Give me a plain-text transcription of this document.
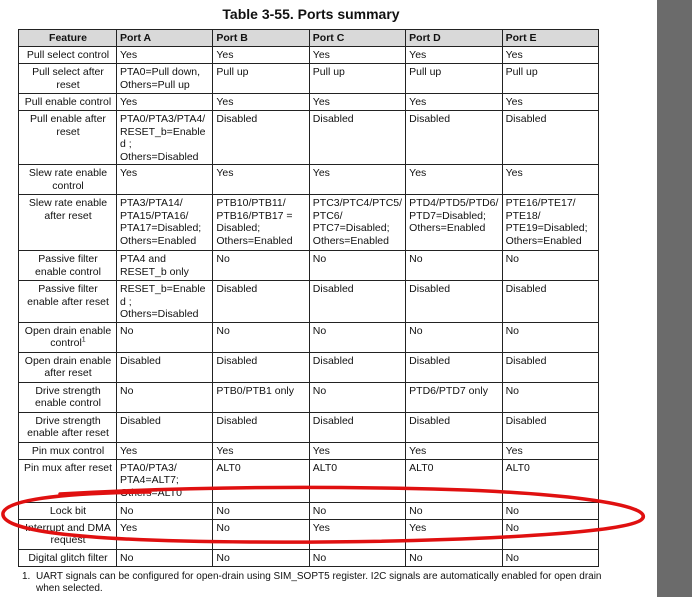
Table 3-55. Ports summary
Feature	Port A	Port B	Port C	Port D	Port E
Pull select control	Yes	Yes	Yes	Yes	Yes
Pull select after reset	PTA0=Pull down, Others=Pull up	Pull up	Pull up	Pull up	Pull up
Pull enable control	Yes	Yes	Yes	Yes	Yes
Pull enable after reset	PTA0/PTA3/PTA4/ RESET_b=Enabled ; Others=Disabled	Disabled	Disabled	Disabled	Disabled
Slew rate enable control	Yes	Yes	Yes	Yes	Yes
Slew rate enable after reset	PTA3/PTA14/ PTA15/PTA16/ PTA17=Disabled; Others=Enabled	PTB10/PTB11/ PTB16/PTB17 = Disabled; Others=Enabled	PTC3/PTC4/PTC5/ PTC6/ PTC7=Disabled; Others=Enabled	PTD4/PTD5/PTD6/ PTD7=Disabled; Others=Enabled	PTE16/PTE17/ PTE18/ PTE19=Disabled; Others=Enabled
Passive filter enable control	PTA4 and RESET_b only	No	No	No	No
Passive filter enable after reset	RESET_b=Enabled ; Others=Disabled	Disabled	Disabled	Disabled	Disabled
Open drain enable control$^1$	No	No	No	No	No
Open drain enable after reset	Disabled	Disabled	Disabled	Disabled	Disabled
Drive strength enable control	No	PTB0/PTB1 only	No	PTD6/PTD7 only	No
Drive strength enable after reset	Disabled	Disabled	Disabled	Disabled	Disabled
Pin mux control	Yes	Yes	Yes	Yes	Yes
Pin mux after reset	PTA0/PTA3/ PTA4=ALT7; Others=ALT0	ALT0	ALT0	ALT0	ALT0
Lock bit	No	No	No	No	No
Interrupt and DMA request	Yes	No	Yes	Yes	No
Digital glitch filter	No	No	No	No	No
1. UART signals can be configured for open-drain using SIM_SOPT5 register. I2C signals are automatically enabled for open drain when selected.
